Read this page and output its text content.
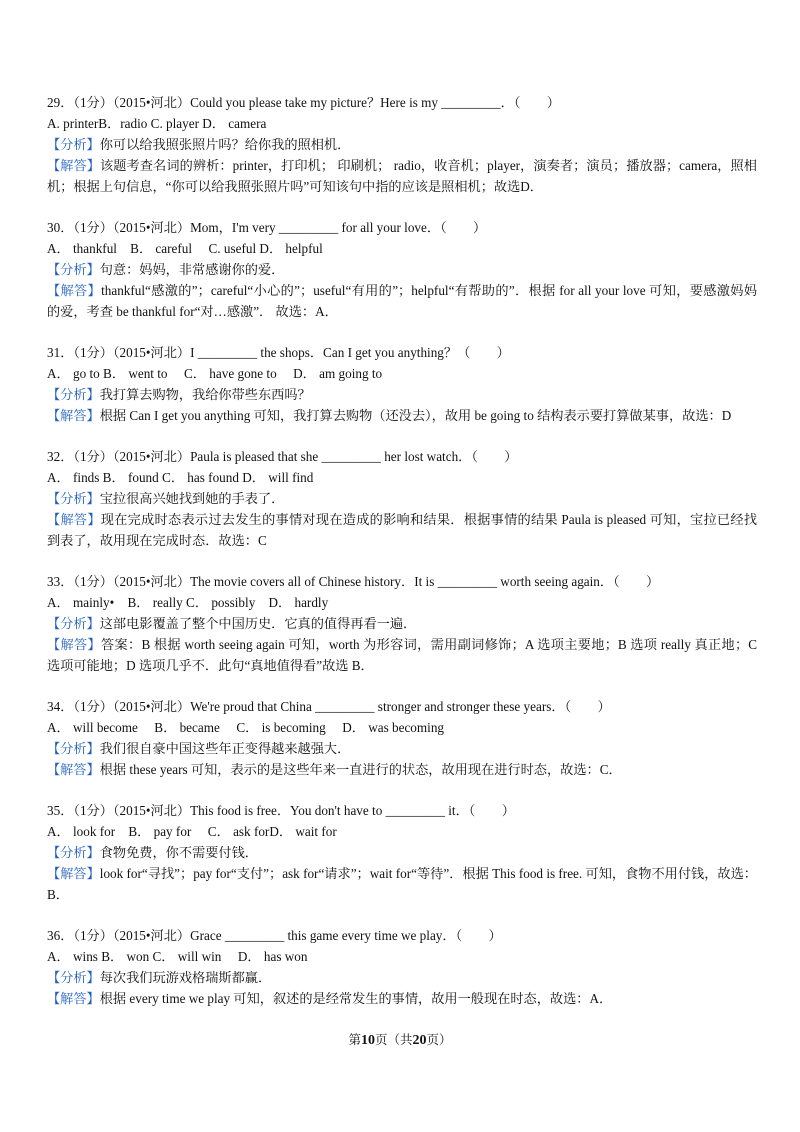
29．（1分）（2015•河北）Could you please take my picture？Here is my _________．（　　）
A. printerB．radio C. player D． camera
【分析】你可以给我照张照片吗？给你我的照相机．
【解答】该题考查名词的辨析：printer，打印机； 印刷机； radio，收音机；player，演奏者；演员；播放器；camera，照相机；根据上句信息，“你可以给我照张照片吗”可知该句中指的应该是照相机；故选D．
30．（1分）（2015•河北）Mom，I'm very _________ for all your love．（　　）
A． thankful　B． careful　 C. useful D． helpful
【分析】句意：妈妈，非常感谢你的爱．
【解答】thankful“感激的”；careful“小心的”；useful“有用的”；helpful“有帮助的”．根据 for all your love 可知，要感激妈妈的爱，考查 be thankful for“对…感激”． 故选：A．
31．（1分）（2015•河北）I _________ the shops．Can I get you anything？（　　）
A． go to B． went to　 C． have gone to　 D． am going to
【分析】我打算去购物，我给你带些东西吗？
【解答】根据 Can I get you anything 可知，我打算去购物（还没去），故用 be going to 结构表示要打算做某事，故选：D
32．（1分）（2015•河北）Paula is pleased that she _________ her lost watch．（　　）
A． finds B． found C． has found D． will find
【分析】宝拉很高兴她找到她的手表了．
【解答】现在完成时态表示过去发生的事情对现在造成的影响和结果．根据事情的结果 Paula is pleased 可知，宝拉已经找到表了，故用现在完成时态．故选：C
33．（1分）（2015•河北）The movie covers all of Chinese history．It is _________ worth seeing again．（　　）
A． mainly•　B． really C． possibly　D． hardly
【分析】这部电影覆盖了整个中国历史．它真的值得再看一遍．
【解答】答案：B 根据 worth seeing again 可知，worth 为形容词，需用副词修饰；A 选项主要地；B 选项 really 真正地；C 选项可能地；D 选项几乎不．此句“真地值得看”故选 B．
34．（1分）（2015•河北）We're proud that China _________ stronger and stronger these years．（　　）
A． will become　 B． became　 C． is becoming　 D． was becoming
【分析】我们很自豪中国这些年正变得越来越强大．
【解答】根据 these years 可知，表示的是这些年来一直进行的状态，故用现在进行时态，故选：C．
35．（1分）（2015•河北）This food is free．You don't have to _________ it．（　　）
A． look for　B． pay for　 C． ask forD． wait for
【分析】食物免费，你不需要付钱．
【解答】look for“寻找”；pay for“支付”；ask for“请求”；wait for“等待”．根据 This food is free. 可知，食物不用付钱，故选：B．
36．（1分）（2015•河北）Grace _________ this game every time we play．（　　）
A． wins B． won C． will win　 D． has won
【分析】每次我们玩游戏格瑞斯都赢．
【解答】根据 every time we play 可知，叙述的是经常发生的事情，故用一般现在时态，故选：A．
第10页（共20页）
